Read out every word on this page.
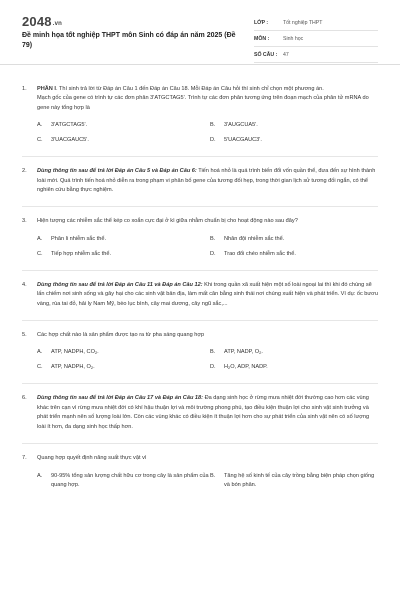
$2048_{.vn}$
Đề minh họa tốt nghiệp THPT môn Sinh có đáp án năm 2025 (Đề 79)
LỚP :	Tốt nghiệp THPT
MÔN :	Sinh học
SỐ CÂU :	47
1.	PHẦN I. Thí sinh trả lời từ Đáp án Câu 1 đến Đáp án Câu 18. Mỗi Đáp án Câu hỏi thí sinh chỉ chọn một phương án.
Mạch gốc của gene có trình tự các đơn phân 3'ATGCTAG5'. Trình tự các đơn phân tương ứng trên đoạn mạch của phân tử mRNA do gene này tổng hợp là
A.	3'ATGCTAG5'.	B.	3'AUGCUA5'.
C.	3'UACGAUC5'.	D.	5'UACGAUC3'.
2.	Dùng thông tin sau để trả lời Đáp án Câu 5 và Đáp án Câu 6: Tiến hoá nhỏ là quá trình biến đổi vốn quần thể, đưa đến sự hình thành loài mới. Quá trình tiến hoá nhỏ diễn ra trong phạm vi phân bố gene của tương đối hẹp, trong thời gian lịch sử tương đối ngắn, có thể nghiên cứu bằng thực nghiệm.
3.	Hiện tượng các nhiễm sắc thể kép co xoắn cực đại ở kì giữa nhằm chuẩn bị cho hoạt động nào sau đây?
A.	Phân li nhiễm sắc thể.	B.	Nhân đội nhiễm sắc thể.
C.	Tiếp hợp nhiễm sắc thể.	D.	Trao đổi chéo nhiễm sắc thể.
4.	Dùng thông tin sau để trả lời Đáp án Câu 11 và Đáp án Câu 12: Khi trong quần xã xuất hiện một số loài ngoại lai thì khi đó chúng sẽ lấn chiếm nơi sinh sống và gây hại cho các sinh vật bản địa, làm mất cân bằng sinh thái nơi chúng xuất hiện và phát triển. Ví dụ: ốc bươu vàng, rùa tai đỏ, hải ly Nam Mỹ, bèo lục bình, cây mai dương, cây ngũ sắc,...
5.	Các hợp chất nào là sản phẩm được tạo ra từ pha sáng quang hợp
A.	ATP, NADPH, $CO_2$.	B.	ATP, NADP, $O_2$.
C.	ATP, NADPH, $O_2$.	D.	$H_2O$, ADP, NADP.
6.	Dùng thông tin sau để trả lời Đáp án Câu 17 và Đáp án Câu 18: Đa dạng sinh học ở rừng mưa nhiệt đới thường cao hơn các vùng khác trên cạn vì rừng mưa nhiệt đới có khí hậu thuận lợi và môi trường phong phú, tạo điều kiện thuận lợi cho sinh vật sinh trưởng và phát triển mạnh nên số lượng loài lớn. Còn các vùng khác có điều kiện ít thuận lợi hơn cho sự phát triển của sinh vật nên có số lượng loài ít hơn, đa dạng sinh học thấp hơn.
7.	Quang hợp quyết định năng suất thực vật vì
A.	90-95% tổng sản lượng chất hữu cơ trong cây là sản phẩm của quang hợp.
B.	Tăng hệ số kinh tế của cây trồng bằng biện pháp chọn giống và bón phân.
